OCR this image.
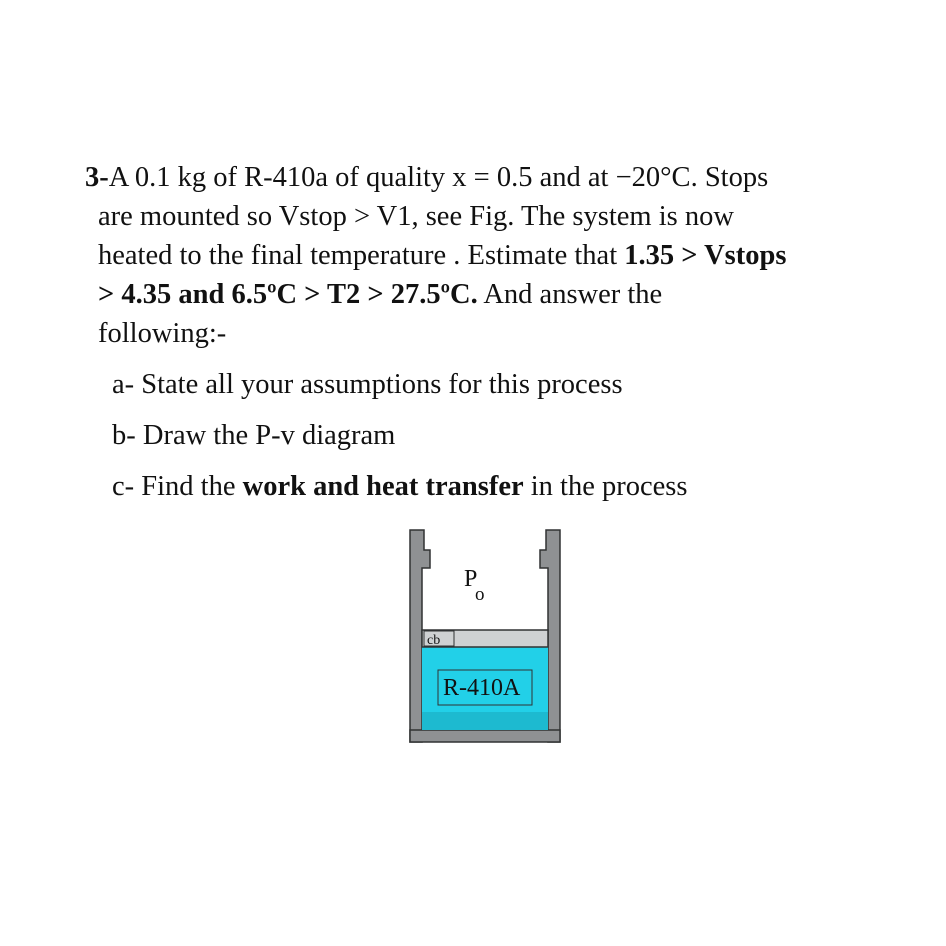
3-A 0.1 kg of R-410a of quality x = 0.5 and at −20°C. Stops

are mounted so Vstop > V1, see Fig. The system is now

heated to the final temperature . Estimate that 1.35 > Vstops

> 4.35 and 6.5ºC > T2 > 27.5ºC. And answer the

following:-

a- State all your assumptions for this process

b- Draw the P-v diagram

c- Find the work and heat transfer in the process

cb
P
o
R-410A
